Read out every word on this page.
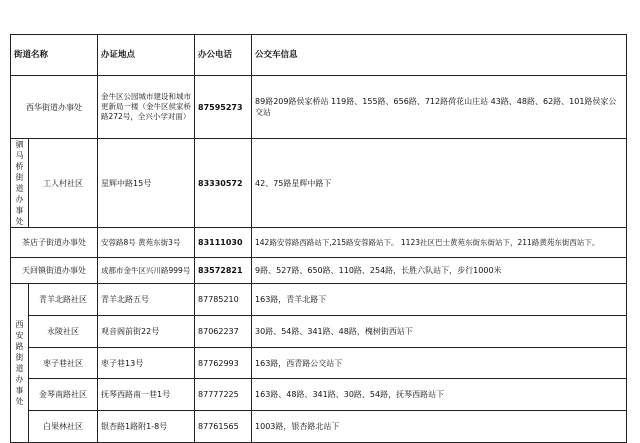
街道名称		办证地点	办公电话	公交车信息
西华街道办事处		金牛区公园城市建设和城市更新局一楼（金牛区侯家桥路272号，全兴小学对面）	87595273	89路209路侯家桥站 119路、155路、656路、712路荷花山庄站 43路、48路、62路、101路侯家公交站
驷马桥街道办事处	工人村社区	星辉中路15号	83330572	42、75路星辉中路下
茶店子街道办事处		安蓉路8号 黄苑东街3号	83111030	142路安蓉路西路站下,215路安蓉路站下。 1123社区巴士黄苑东街东街站下，211路黄苑东街西站下。
天回镇街道办事处		成都市金牛区兴川路999号	83572821	9路、527路、650路、110路、254路，长胜六队站下，步行1000米
西安路街道办事处	青羊北路社区	青羊北路五号	87785210	163路，青羊北路下
	永陵社区	观音阁前街22号	87062237	30路、54路、341路、48路，槐树街西站下
	枣子巷社区	枣子巷13号	87762993	163路，西青路公交站下
	金琴南路社区	抚琴西路南一巷1号	87777225	163路、48路、341路、30路、54路，抚琴西路站下
	白果林社区	银杏路1路附1-8号	87761565	1003路，银杏路北站下
